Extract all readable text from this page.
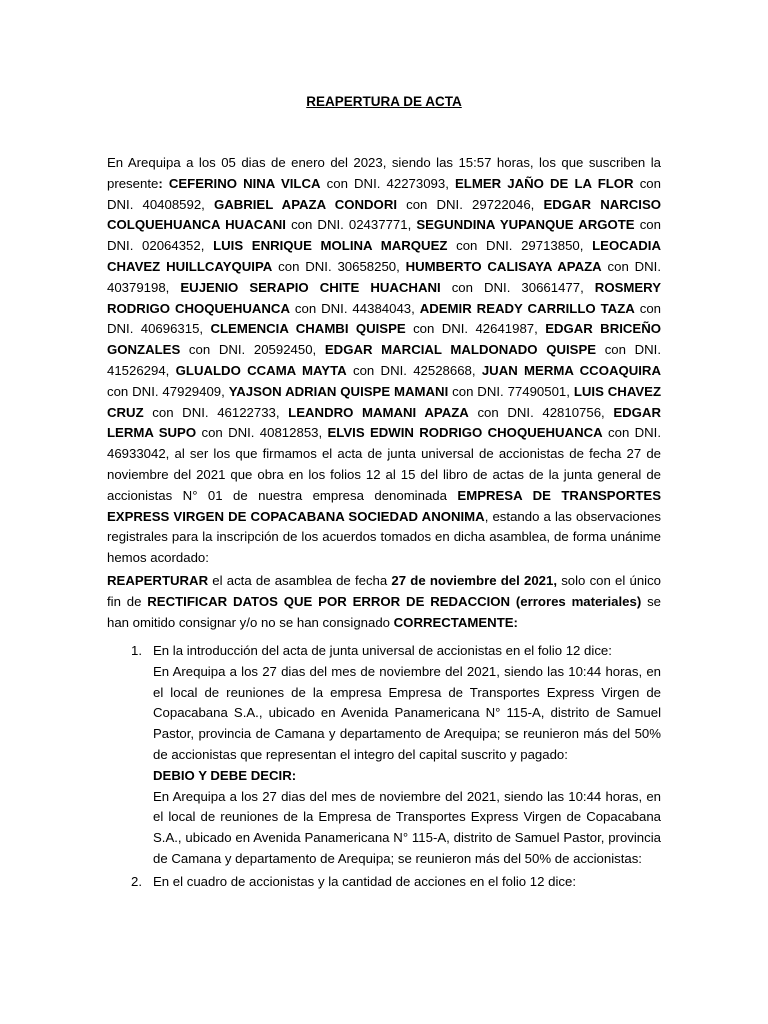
REAPERTURA DE ACTA
En Arequipa a los 05 dias de enero del 2023, siendo las 15:57 horas, los que suscriben la presente: CEFERINO NINA VILCA con DNI. 42273093, ELMER JAÑO DE LA FLOR con DNI. 40408592, GABRIEL APAZA CONDORI con DNI. 29722046, EDGAR NARCISO COLQUEHUANCA HUACANI con DNI. 02437771, SEGUNDINA YUPANQUE ARGOTE con DNI. 02064352, LUIS ENRIQUE MOLINA MARQUEZ con DNI. 29713850, LEOCADIA CHAVEZ HUILLCAYQUIPA con DNI. 30658250, HUMBERTO CALISAYA APAZA con DNI. 40379198, EUJENIO SERAPIO CHITE HUACHANI con DNI. 30661477, ROSMERY RODRIGO CHOQUEHUANCA con DNI. 44384043, ADEMIR READY CARRILLO TAZA con DNI. 40696315, CLEMENCIA CHAMBI QUISPE con DNI. 42641987, EDGAR BRICEÑO GONZALES con DNI. 20592450, EDGAR MARCIAL MALDONADO QUISPE con DNI. 41526294, GLUALDO CCAMA MAYTA con DNI. 42528668, JUAN MERMA CCOAQUIRA con DNI. 47929409, YAJSON ADRIAN QUISPE MAMANI con DNI. 77490501, LUIS CHAVEZ CRUZ con DNI. 46122733, LEANDRO MAMANI APAZA con DNI. 42810756, EDGAR LERMA SUPO con DNI. 40812853, ELVIS EDWIN RODRIGO CHOQUEHUANCA con DNI. 46933042, al ser los que firmamos el acta de junta universal de accionistas de fecha 27 de noviembre del 2021 que obra en los folios 12 al 15 del libro de actas de la junta general de accionistas N° 01 de nuestra empresa denominada EMPRESA DE TRANSPORTES EXPRESS VIRGEN DE COPACABANA SOCIEDAD ANONIMA, estando a las observaciones registrales para la inscripción de los acuerdos tomados en dicha asamblea, de forma unánime hemos acordado:
REAPERTURAR el acta de asamblea de fecha 27 de noviembre del 2021, solo con el único fin de RECTIFICAR DATOS QUE POR ERROR DE REDACCION (errores materiales) se han omitido consignar y/o no se han consignado CORRECTAMENTE:
1. En la introducción del acta de junta universal de accionistas en el folio 12 dice:
En Arequipa a los 27 dias del mes de noviembre del 2021, siendo las 10:44 horas, en el local de reuniones de la empresa Empresa de Transportes Express Virgen de Copacabana S.A., ubicado en Avenida Panamericana N° 115-A, distrito de Samuel Pastor, provincia de Camana y departamento de Arequipa; se reunieron más del 50% de accionistas que representan el integro del capital suscrito y pagado:
DEBIO Y DEBE DECIR:
En Arequipa a los 27 dias del mes de noviembre del 2021, siendo las 10:44 horas, en el local de reuniones de la Empresa de Transportes Express Virgen de Copacabana S.A., ubicado en Avenida Panamericana N° 115-A, distrito de Samuel Pastor, provincia de Camana y departamento de Arequipa; se reunieron más del 50% de accionistas:
2. En el cuadro de accionistas y la cantidad de acciones en el folio 12 dice:
